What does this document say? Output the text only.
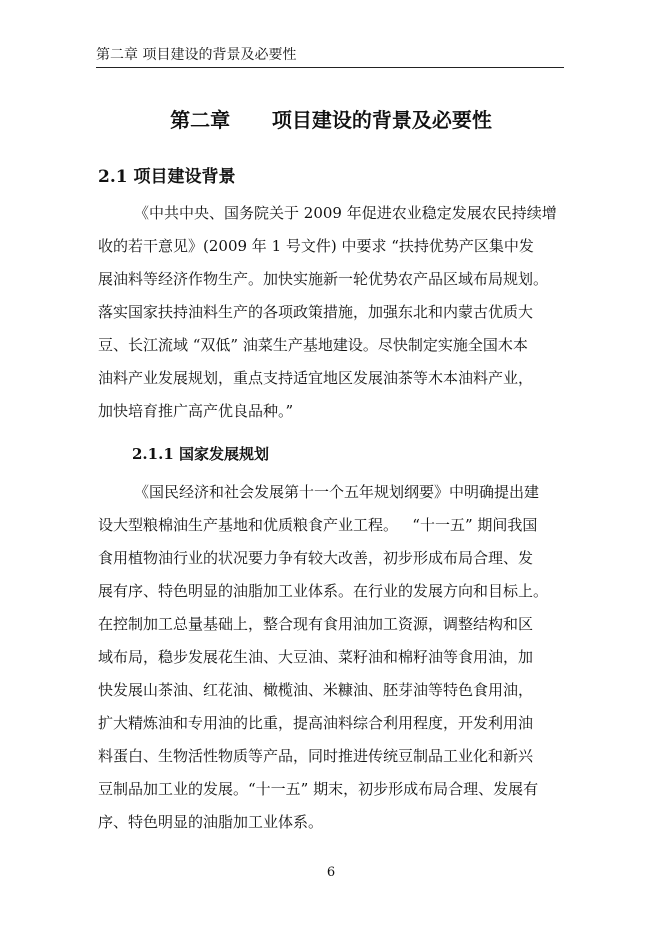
第二章 项目建设的背景及必要性
第二章      项目建设的背景及必要性
2.1 项目建设背景
《中共中央、国务院关于 2009 年促进农业稳定发展农民持续增
收的若干意见》(2009 年 1 号文件) 中要求 “扶持优势产区集中发
展油料等经济作物生产。加快实施新一轮优势农产品区域布局规划。
落实国家扶持油料生产的各项政策措施，加强东北和内蒙古优质大
豆、长江流域 “双低” 油菜生产基地建设。尽快制定实施全国木本
油料产业发展规划，重点支持适宜地区发展油茶等木本油料产业，
加快培育推广高产优良品种。”
2.1.1 国家发展规划
《国民经济和社会发展第十一个五年规划纲要》中明确提出建
设大型粮棉油生产基地和优质粮食产业工程。   “十一五” 期间我国
食用植物油行业的状况要力争有较大改善，初步形成布局合理、发
展有序、特色明显的油脂加工业体系。在行业的发展方向和目标上。
在控制加工总量基础上，整合现有食用油加工资源，调整结构和区
域布局，稳步发展花生油、大豆油、菜籽油和棉籽油等食用油，加
快发展山茶油、红花油、橄榄油、米糠油、胚芽油等特色食用油，
扩大精炼油和专用油的比重，提高油料综合利用程度，开发利用油
料蛋白、生物活性物质等产品，同时推进传统豆制品工业化和新兴
豆制品加工业的发展。“十一五” 期末，初步形成布局合理、发展有
序、特色明显的油脂加工业体系。
6
